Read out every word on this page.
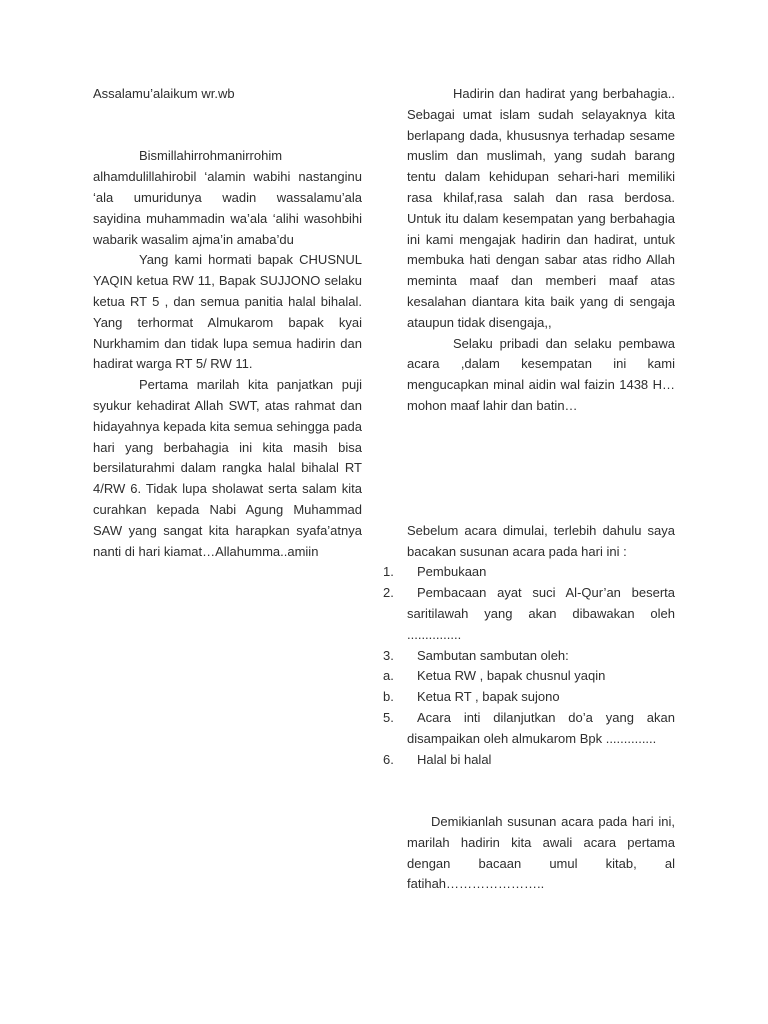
Assalamu’alaikum wr.wb

Bismillahirrohmanirrohim alhamdulillahirobil ‘alamin wabihi nastanginu ‘ala umuridunya wadin wassalamu’ala sayidina muhammadin wa’ala ‘alihi wasohbihi wabarik wasalim ajma’in amaba’du

Yang kami hormati bapak CHUSNUL YAQIN ketua RW 11, Bapak SUJJONO selaku ketua RT 5 , dan semua panitia halal bihalal. Yang terhormat Almukarom bapak kyai Nurkhamim dan tidak lupa semua hadirin dan hadirat warga RT 5/ RW 11.

Pertama marilah kita panjatkan puji syukur kehadirat Allah SWT, atas rahmat dan hidayahnya kepada kita semua sehingga pada hari yang berbahagia ini kita masih bisa bersilaturahmi dalam rangka halal bihalal RT 4/RW 6. Tidak lupa sholawat serta salam kita curahkan kepada Nabi Agung Muhammad SAW yang sangat kita harapkan syafa’atnya nanti di hari kiamat…Allahumma..amiin

Hadirin dan hadirat yang berbahagia.. Sebagai umat islam sudah selayaknya kita berlapang dada, khususnya terhadap sesame muslim dan muslimah, yang sudah barang tentu dalam kehidupan sehari-hari memiliki rasa khilaf,rasa salah dan rasa berdosa. Untuk itu dalam kesempatan yang berbahagia ini kami mengajak hadirin dan hadirat, untuk membuka hati dengan sabar atas ridho Allah meminta maaf dan memberi maaf atas kesalahan diantara kita baik yang di sengaja ataupun tidak disengaja,,

Selaku pribadi dan selaku pembawa acara ,dalam kesempatan ini kami mengucapkan minal aidin wal faizin 1438 H…mohon maaf lahir dan batin…

Sebelum acara dimulai, terlebih dahulu saya bacakan susunan acara pada hari ini :

1.	Pembukaan
2.	Pembacaan ayat suci Al-Qur’an beserta saritilawah yang akan dibawakan oleh ...............

3.	Sambutan sambutan oleh:
a.	Ketua RW , bapak chusnul yaqin
b.	Ketua RT , bapak sujono
5.	Acara inti dilanjutkan do’a yang akan disampaikan oleh almukarom Bpk ..............

6.	Halal bi halal

Demikianlah susunan acara pada hari ini, marilah hadirin kita awali acara pertama dengan bacaan umul kitab, al fatihah…………………..
